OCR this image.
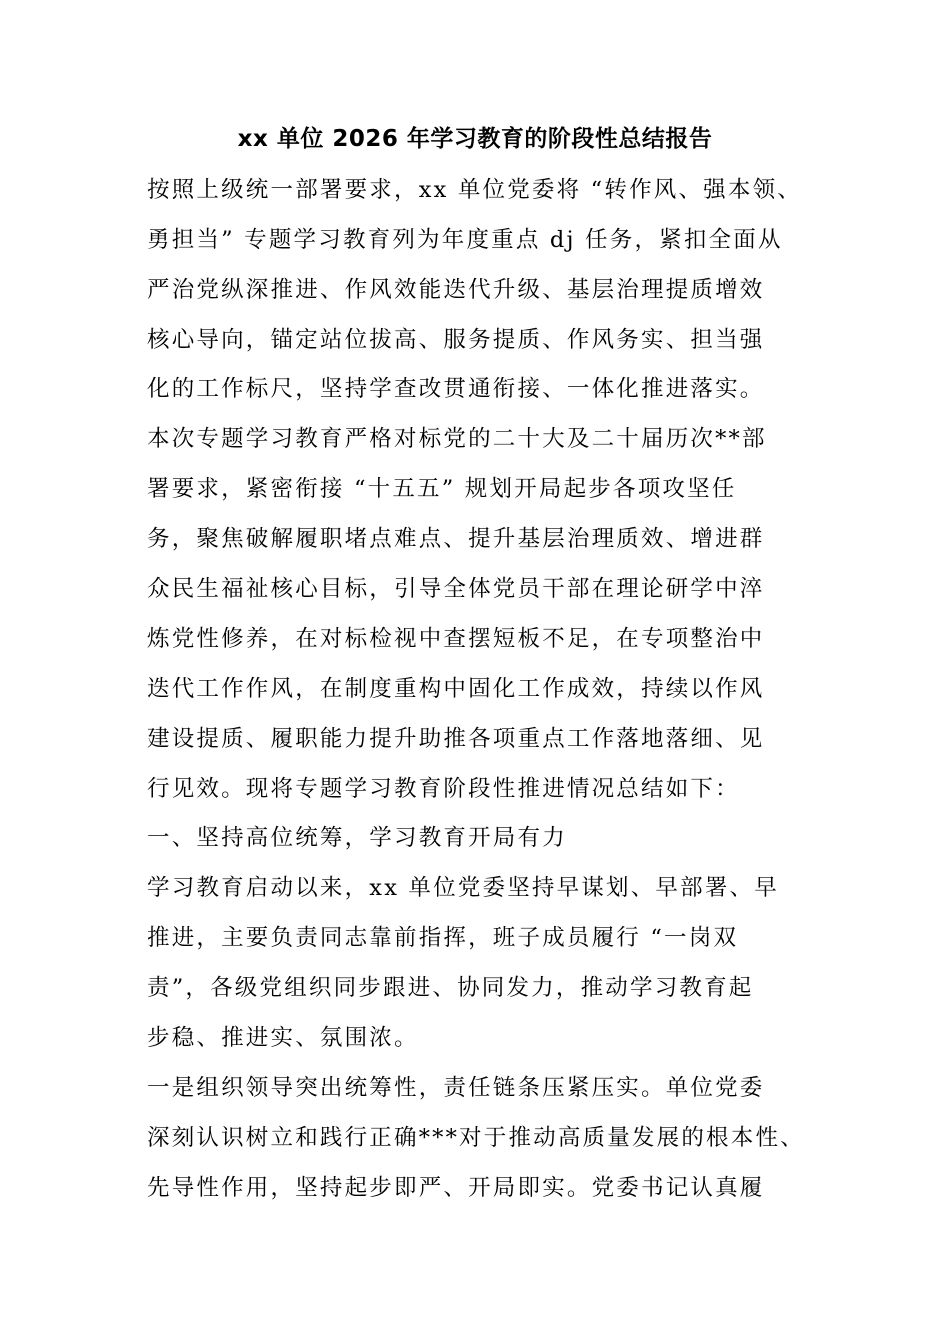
xx 单位 2026 年学习教育的阶段性总结报告
按照上级统一部署要求，xx 单位党委将 “转作风、强本领、
勇担当” 专题学习教育列为年度重点 dj 任务，紧扣全面从
严治党纵深推进、作风效能迭代升级、基层治理提质增效
核心导向，锚定站位拔高、服务提质、作风务实、担当强
化的工作标尺，坚持学查改贯通衔接、一体化推进落实。
本次专题学习教育严格对标党的二十大及二十届历次**部
署要求，紧密衔接 “十五五” 规划开局起步各项攻坚任
务，聚焦破解履职堵点难点、提升基层治理质效、增进群
众民生福祉核心目标，引导全体党员干部在理论研学中淬
炼党性修养，在对标检视中查摆短板不足，在专项整治中
迭代工作作风，在制度重构中固化工作成效，持续以作风
建设提质、履职能力提升助推各项重点工作落地落细、见
行见效。现将专题学习教育阶段性推进情况总结如下：
一、坚持高位统筹，学习教育开局有力
学习教育启动以来，xx 单位党委坚持早谋划、早部署、早
推进，主要负责同志靠前指挥，班子成员履行 “一岗双
责”，各级党组织同步跟进、协同发力，推动学习教育起
步稳、推进实、氛围浓。
一是组织领导突出统筹性，责任链条压紧压实。单位党委
深刻认识树立和践行正确***对于推动高质量发展的根本性、
先导性作用，坚持起步即严、开局即实。党委书记认真履
